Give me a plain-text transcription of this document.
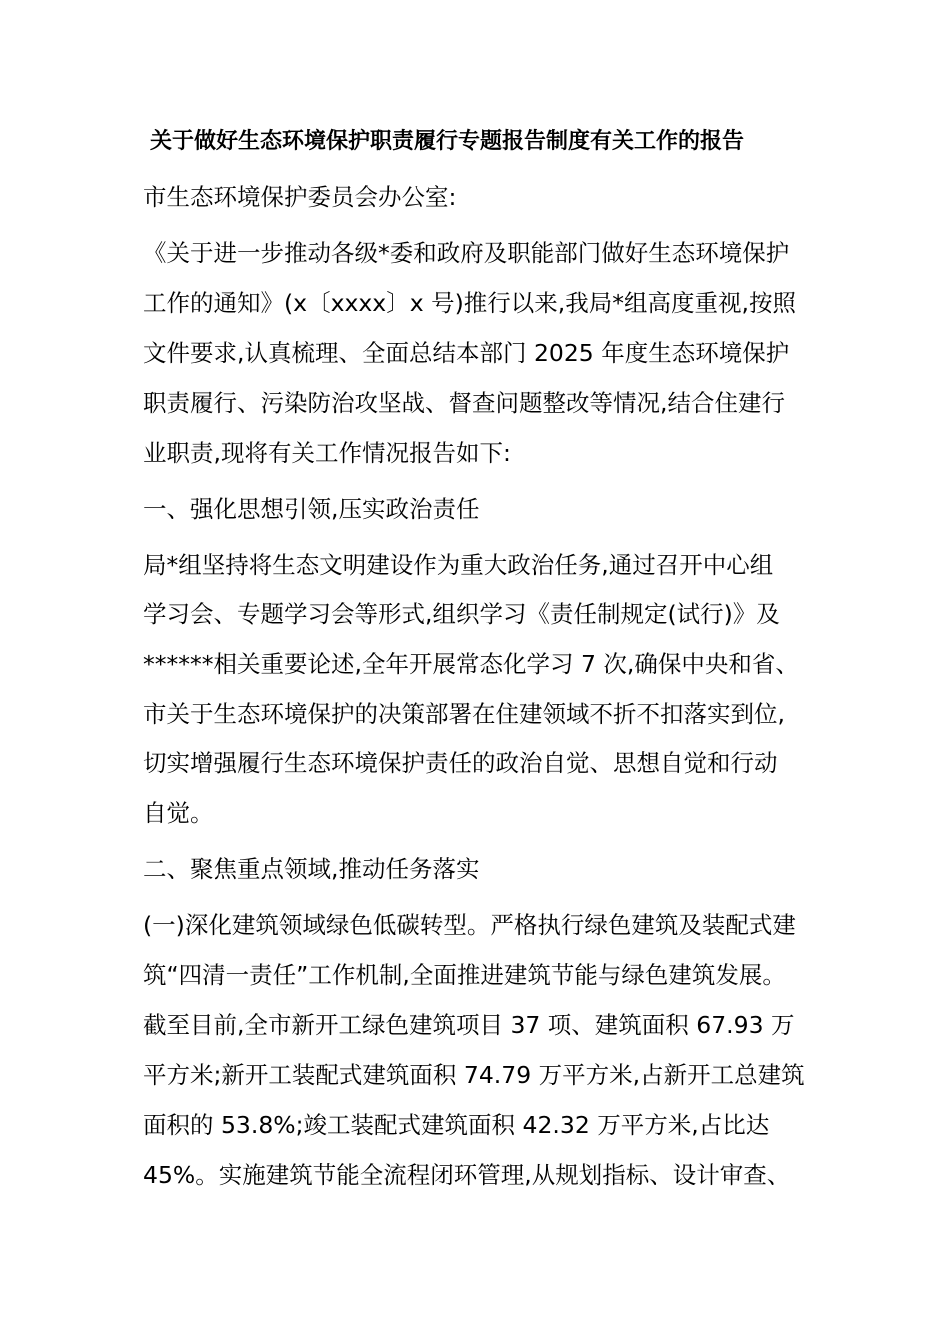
关于做好生态环境保护职责履行专题报告制度有关工作的报告
市生态环境保护委员会办公室:
《关于进一步推动各级*委和政府及职能部门做好生态环境保护
工作的通知》(x〔xxxx〕x 号)推行以来,我局*组高度重视,按照
文件要求,认真梳理、全面总结本部门 2025 年度生态环境保护
职责履行、污染防治攻坚战、督查问题整改等情况,结合住建行
业职责,现将有关工作情况报告如下:
一、强化思想引领,压实政治责任
局*组坚持将生态文明建设作为重大政治任务,通过召开中心组
学习会、专题学习会等形式,组织学习《责任制规定(试行)》及
******相关重要论述,全年开展常态化学习 7 次,确保中央和省、
市关于生态环境保护的决策部署在住建领域不折不扣落实到位,
切实增强履行生态环境保护责任的政治自觉、思想自觉和行动
自觉。
二、聚焦重点领域,推动任务落实
(一)深化建筑领域绿色低碳转型。严格执行绿色建筑及装配式建
筑“四清一责任”工作机制,全面推进建筑节能与绿色建筑发展。
截至目前,全市新开工绿色建筑项目 37 项、建筑面积 67.93 万
平方米;新开工装配式建筑面积 74.79 万平方米,占新开工总建筑
面积的 53.8%;竣工装配式建筑面积 42.32 万平方米,占比达
45%。实施建筑节能全流程闭环管理,从规划指标、设计审查、
